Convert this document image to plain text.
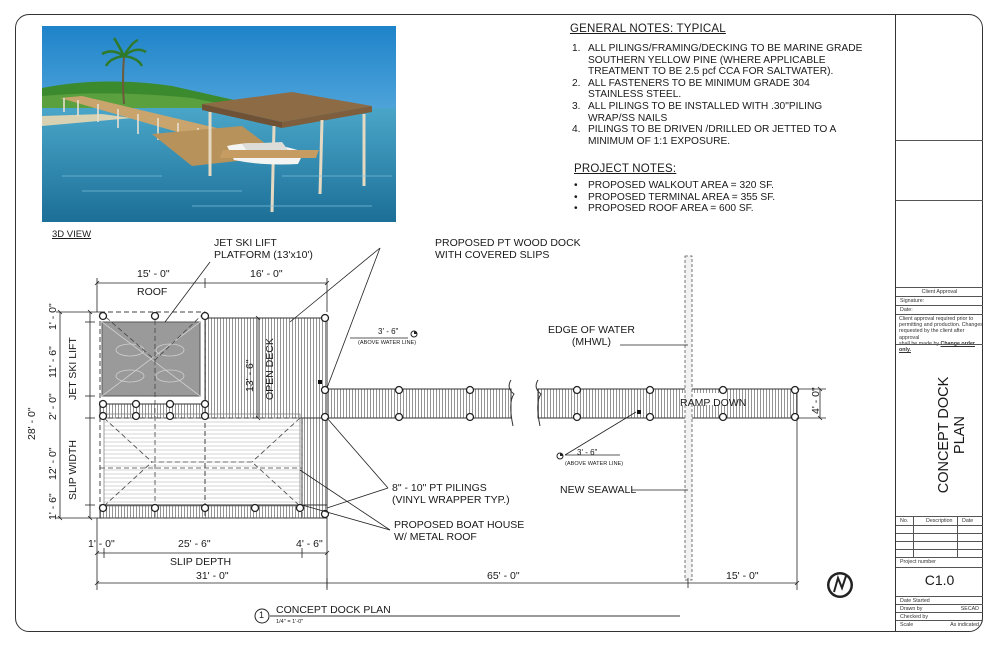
3D VIEW
GENERAL NOTES: TYPICAL
1. ALL PILINGS/FRAMING/DECKING TO BE MARINE GRADE
SOUTHERN YELLOW PINE (WHERE APPLICABLE
TREATMENT TO BE 2.5 pcf CCA FOR SALTWATER).
2. ALL FASTENERS TO BE MINIMUM GRADE 304
STAINLESS STEEL.
3. ALL PILINGS TO BE INSTALLED WITH .30"PILING
WRAP/SS NAILS
4. PILINGS TO BE DRIVEN /DRILLED OR JETTED TO A
MINIMUM OF 1:1 EXPOSURE.
PROJECT NOTES:
• PROPOSED WALKOUT AREA = 320 SF.
• PROPOSED TERMINAL AREA = 355 SF.
• PROPOSED ROOF AREA = 600 SF.
JET SKI LIFT
PLATFORM (13'x10')
PROPOSED PT WOOD DOCK
WITH COVERED SLIPS
EDGE OF WATER
(MHWL)
8" - 10" PT PILINGS
(VINYL WRAPPER TYP.)
PROPOSED BOAT HOUSE
W/ METAL ROOF
NEW SEAWALL
RAMP DOWN
ROOF
OPEN DECK
JET SKI LIFT
SLIP WIDTH
SLIP DEPTH
3' - 6"
(ABOVE WATER LINE)
3' - 6"
(ABOVE WATER LINE)
15' - 0"	16' - 0"
1' - 0"
11' - 6"
2' - 0"
12' - 0"
1' - 6"
28' - 0"
13' - 6"
4' - 0"
1' - 0"	25' - 6"	4' - 6"
31' - 0"	65' - 0"	15' - 0"
1 CONCEPT DOCK PLAN
1/4" = 1'-0"
Client Approval
Signature:
Date:
Client approval required prior to
permitting and production. Changes
requested by the client after approval
shall be made by Change order only.
CONCEPT DOCK PLAN
No.	Description Date
Project number
C1.0
Date Started
Drawn by	SECAD
Checked by
Scale	As indicated
